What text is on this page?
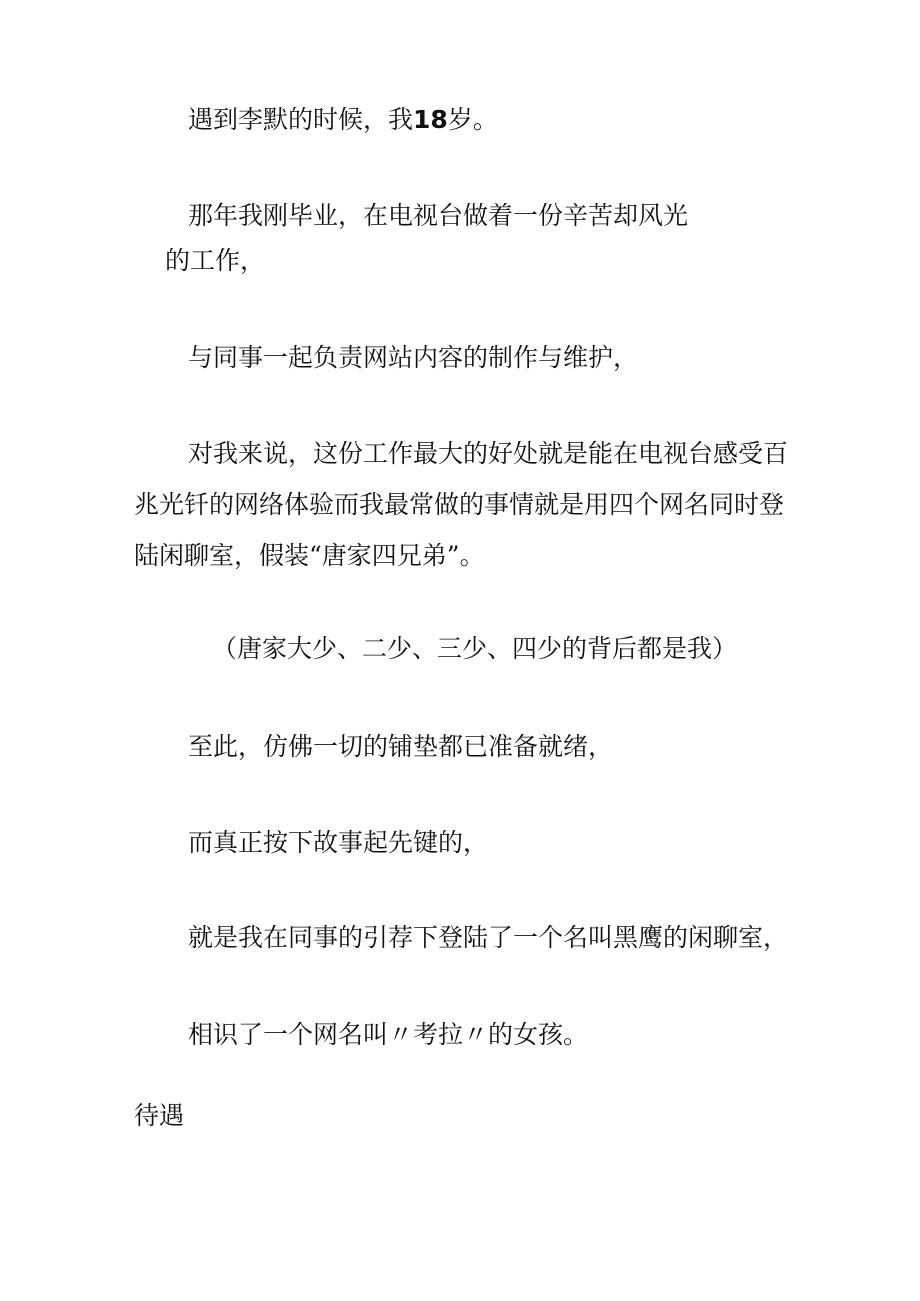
遇到李默的时候，我18岁。

那年我刚毕业，在电视台做着一份辛苦却风光

的工作，

与同事一起负责网站内容的制作与维护，

对我来说，这份工作最大的好处就是能在电视台感受百

兆光钎的网络体验而我最常做的事情就是用四个网名同时登

陆闲聊室，假装“唐家四兄弟”。

（唐家大少、二少、三少、四少的背后都是我）

至此，仿佛一切的铺垫都已准备就绪，

而真正按下故事起先键的，

就是我在同事的引荐下登陆了一个名叫黑鹰的闲聊室，

相识了一个网名叫〃考拉〃的女孩。

待遇
